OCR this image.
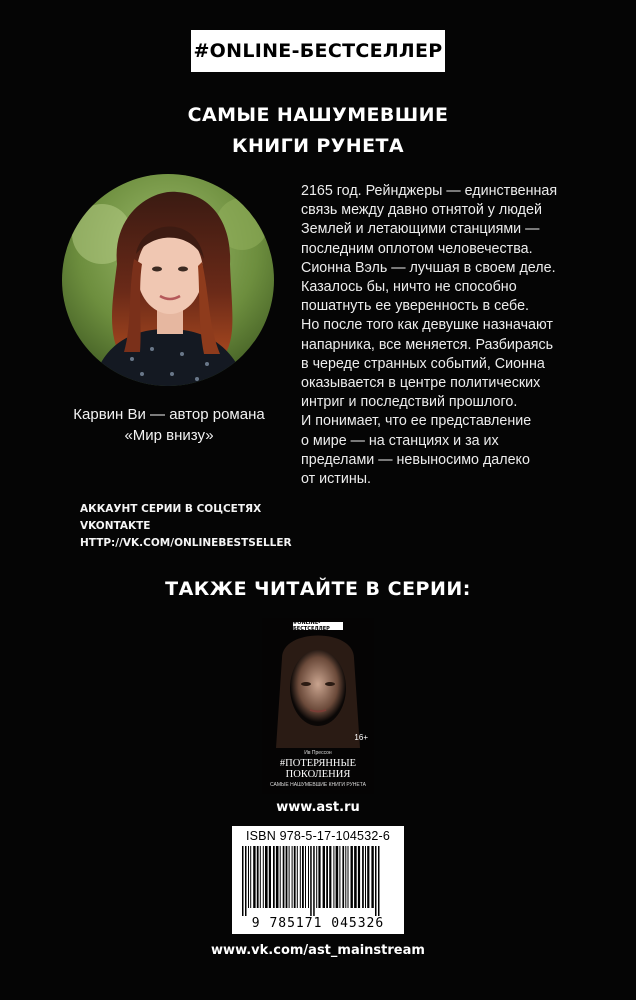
#ONLINE-БЕСТСЕЛЛЕР
САМЫЕ НАШУМЕВШИЕ
КНИГИ РУНЕТА
Карвин Ви — автор романа
«Мир внизу»

2165 год. Рейнджеры — единственная

связь между давно отнятой у людей

Землей и летающими станциями —

последним оплотом человечества.

Сионна Вэль — лучшая в своем деле.

Казалось бы, ничто не способно

пошатнуть ее уверенность в себе.

Но после того как девушке назначают

напарника, все меняется. Разбираясь

в череде странных событий, Сионна

оказывается в центре политических

интриг и последствий прошлого.

И понимает, что ее представление

о мире — на станциях и за их

пределами — невыносимо далеко

от истины.

АККАУНТ СЕРИИ В СОЦСЕТЯХ
VKONTAKTE
HTTP://VK.COM/ONLINEBESTSELLER
ТАКЖЕ ЧИТАЙТЕ В СЕРИИ:
#ONLINE-БЕСТСЕЛЛЕР
16+
Ив Прессон
#ПОТЕРЯННЫЕ
ПОКОЛЕНИЯ
САМЫЕ НАШУМЕВШИЕ КНИГИ РУНЕТА
www.ast.ru
ISBN 978-5-17-104532-6
9 785171 045326
www.vk.com/ast_mainstream
